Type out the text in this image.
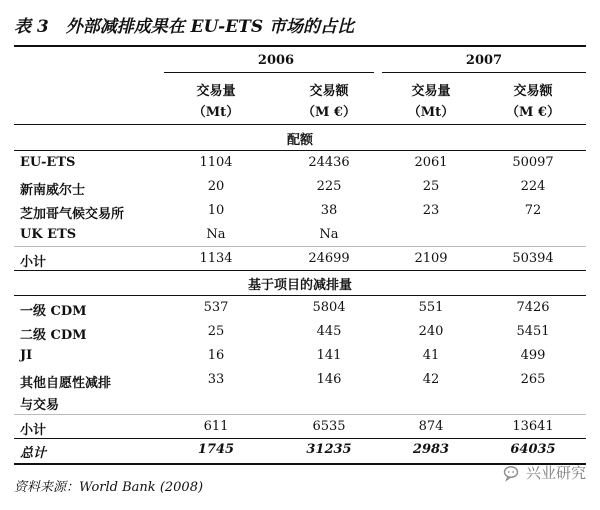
表 3　外部减排成果在 EU-ETS 市场的占比
2006	2007
交易量	交易额	交易量	交易额
（Mt）	（M €）	（Mt）	（M €）
配额
EU-ETS	1104	24436	2061	50097
新南威尔士	20	225	25	224
芝加哥气候交易所	10	38	23	72
UK ETS	Na	Na
小计	1134	24699	2109	50394
基于项目的减排量
一级 CDM	537	5804	551	7426
二级 CDM	25	445	240	5451
JI	16	141	41	499
其他自愿性减排	33	146	42	265
与交易
小计	611	6535	874	13641
总计	1745	31235	2983	64035
资料来源：World Bank (2008)
兴业研究
